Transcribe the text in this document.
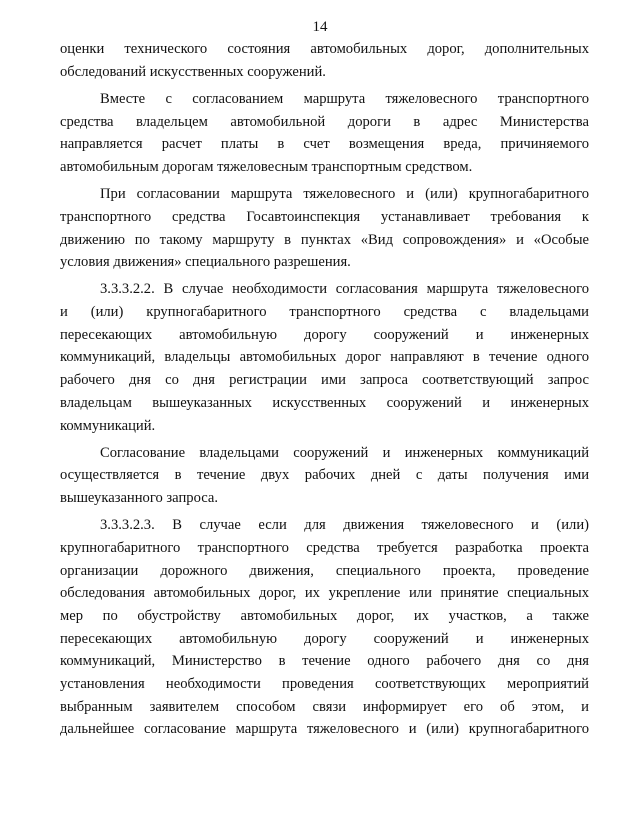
14
оценки технического состояния автомобильных дорог, дополнительных
обследований искусственных сооружений.
Вместе с согласованием маршрута тяжеловесного транспортного
средства владельцем автомобильной дороги в адрес Министерства
направляется расчет платы в счет возмещения вреда, причиняемого
автомобильным дорогам тяжеловесным транспортным средством.
При согласовании маршрута тяжеловесного и (или) крупногабаритного
транспортного средства Госавтоинспекция устанавливает требования к
движению по такому маршруту в пунктах «Вид сопровождения» и «Особые
условия движения» специального разрешения.
3.3.3.2.2. В случае необходимости согласования маршрута тяжеловесного
и (или) крупногабаритного транспортного средства с владельцами
пересекающих автомобильную дорогу сооружений и инженерных
коммуникаций, владельцы автомобильных дорог направляют в течение одного
рабочего дня со дня регистрации ими запроса соответствующий запрос
владельцам вышеуказанных искусственных сооружений и инженерных
коммуникаций.
Согласование владельцами сооружений и инженерных коммуникаций
осуществляется в течение двух рабочих дней с даты получения ими
вышеуказанного запроса.
3.3.3.2.3. В случае если для движения тяжеловесного и (или)
крупногабаритного транспортного средства требуется разработка проекта
организации дорожного движения, специального проекта, проведение
обследования автомобильных дорог, их укрепление или принятие специальных
мер по обустройству автомобильных дорог, их участков, а также
пересекающих автомобильную дорогу сооружений и инженерных
коммуникаций, Министерство в течение одного рабочего дня со дня
установления необходимости проведения соответствующих мероприятий
выбранным заявителем способом связи информирует его об этом, и
дальнейшее согласование маршрута тяжеловесного и (или) крупногабаритного
